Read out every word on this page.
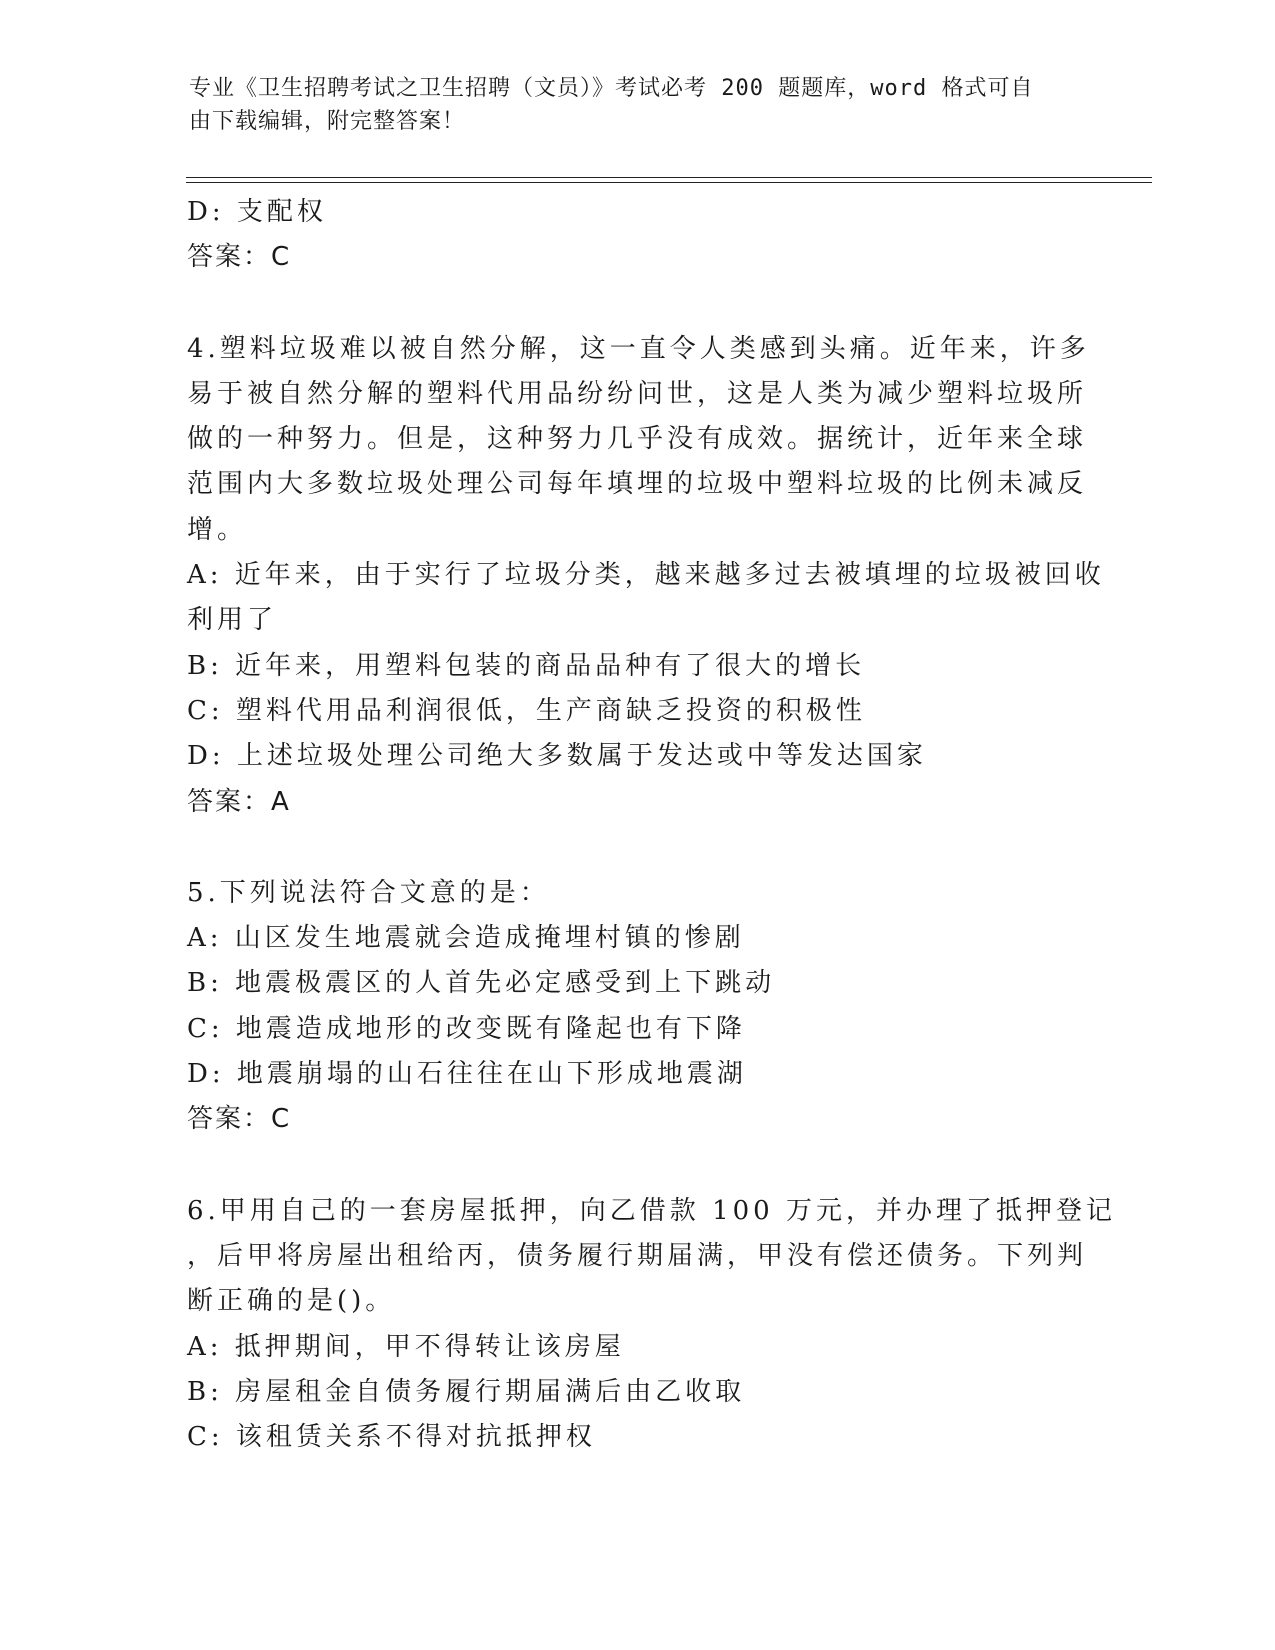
专业《卫生招聘考试之卫生招聘（文员）》考试必考 200 题题库，word 格式可自
由下载编辑，附完整答案！
D: 支配权
答案：C
4.塑料垃圾难以被自然分解，这一直令人类感到头痛。近年来，许多
易于被自然分解的塑料代用品纷纷问世，这是人类为减少塑料垃圾所
做的一种努力。但是，这种努力几乎没有成效。据统计，近年来全球
范围内大多数垃圾处理公司每年填埋的垃圾中塑料垃圾的比例未减反
增。
A: 近年来，由于实行了垃圾分类，越来越多过去被填埋的垃圾被回收
利用了
B: 近年来，用塑料包装的商品品种有了很大的增长
C: 塑料代用品利润很低，生产商缺乏投资的积极性
D: 上述垃圾处理公司绝大多数属于发达或中等发达国家
答案：A
5.下列说法符合文意的是：
A: 山区发生地震就会造成掩埋村镇的惨剧
B: 地震极震区的人首先必定感受到上下跳动
C: 地震造成地形的改变既有隆起也有下降
D: 地震崩塌的山石往往在山下形成地震湖
答案：C
6.甲用自己的一套房屋抵押，向乙借款 100 万元，并办理了抵押登记
，后甲将房屋出租给丙，债务履行期届满，甲没有偿还债务。下列判
断正确的是()。
A: 抵押期间，甲不得转让该房屋
B: 房屋租金自债务履行期届满后由乙收取
C: 该租赁关系不得对抗抵押权
